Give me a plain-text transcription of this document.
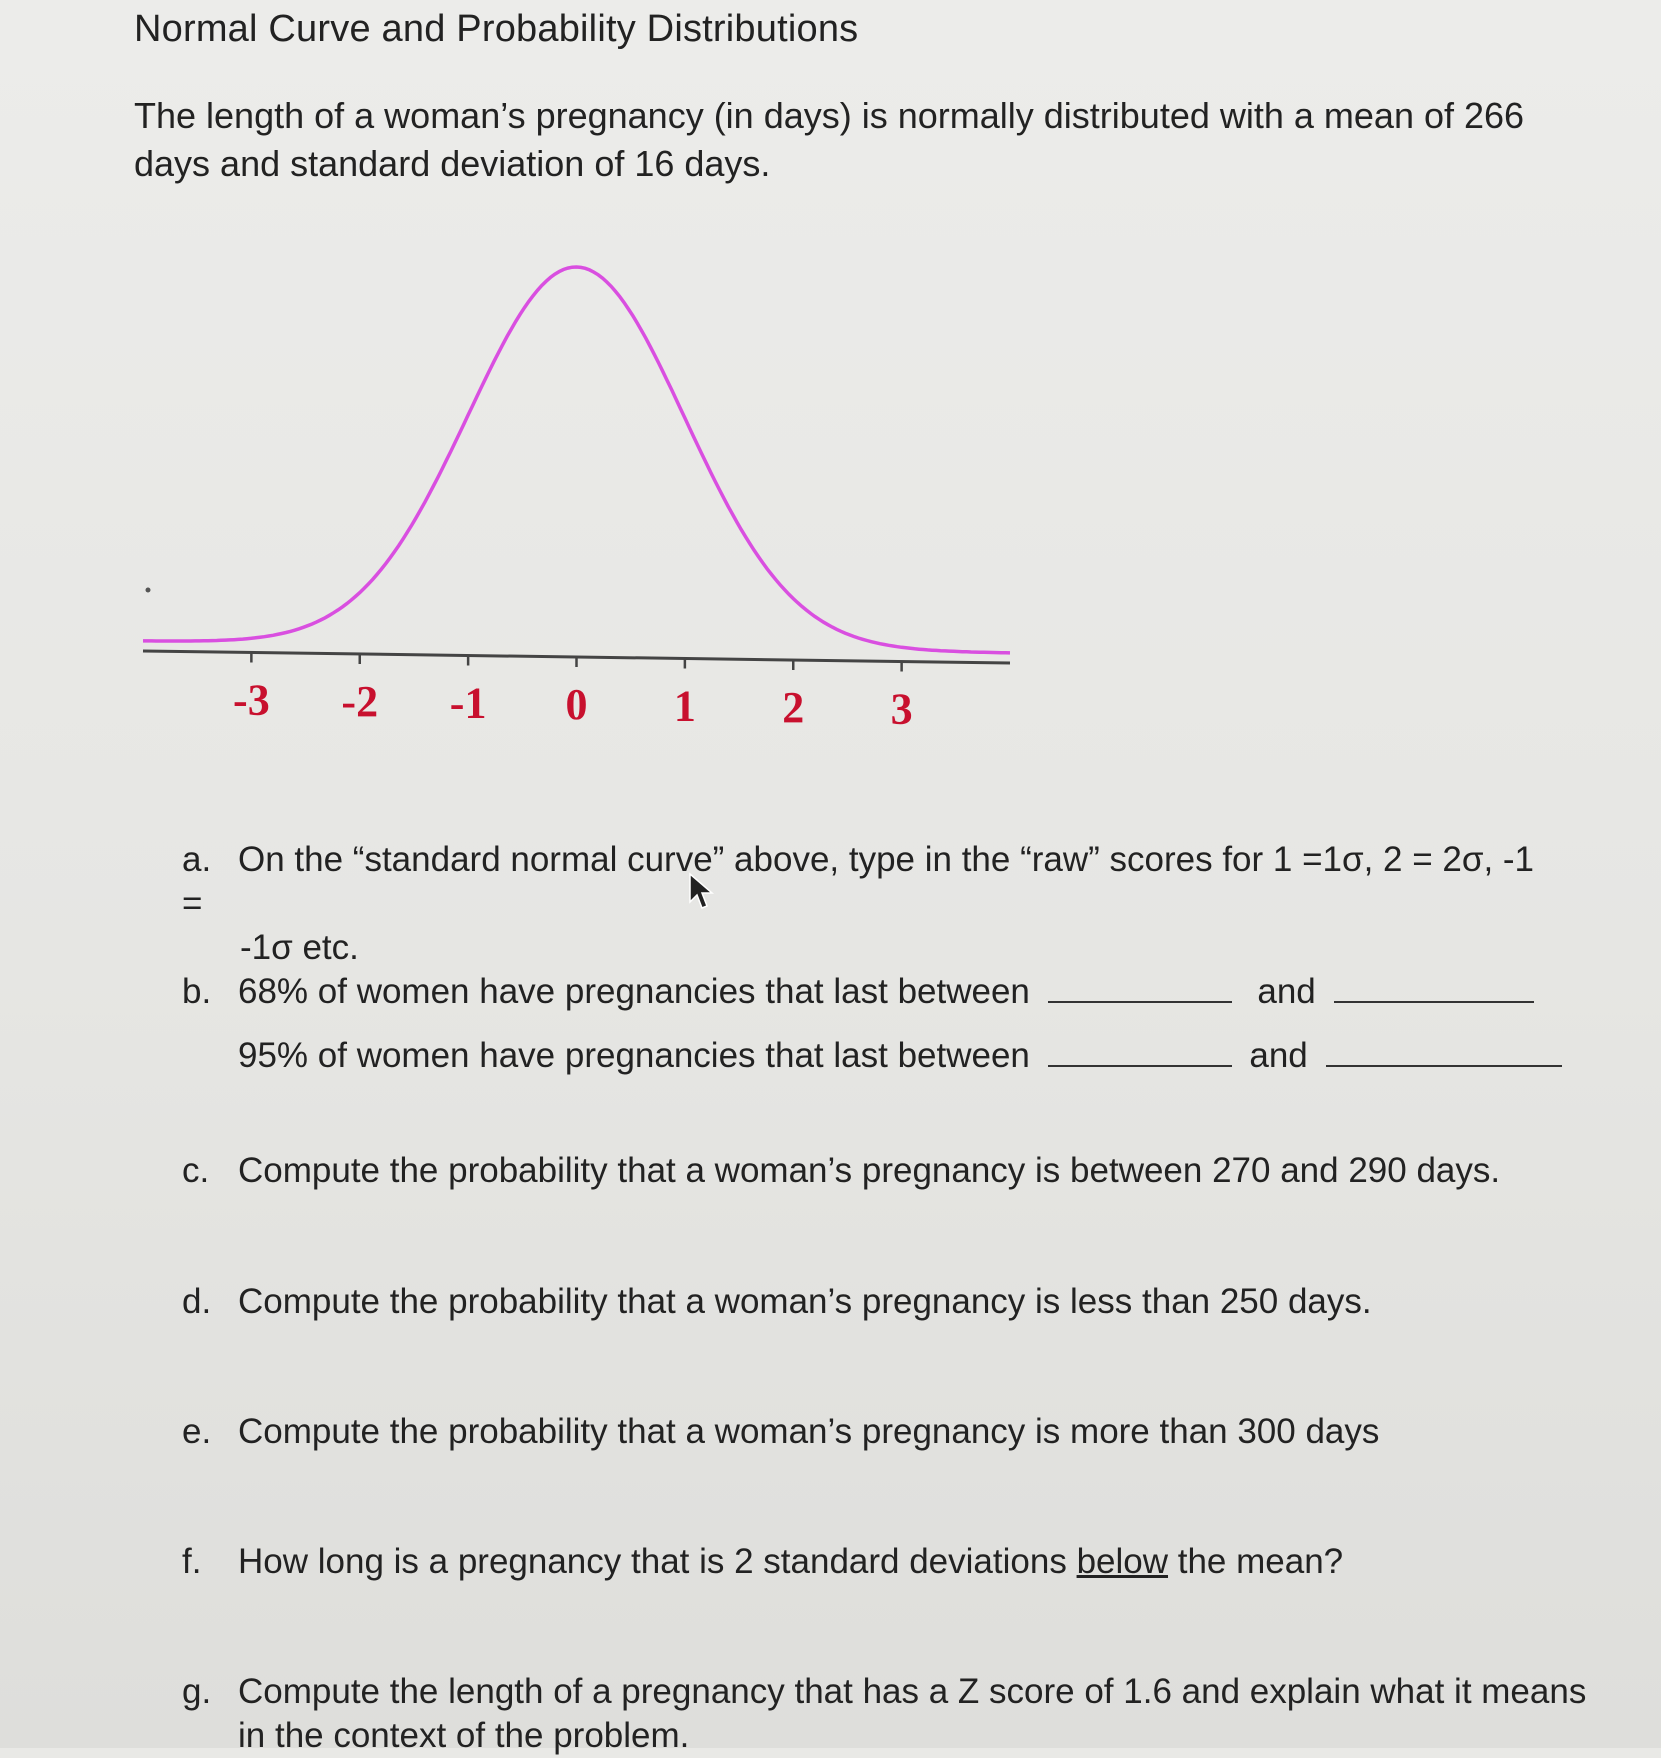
Normal Curve and Probability Distributions
The length of a woman’s pregnancy (in days) is normally distributed with a mean of 266 days and standard deviation of 16 days.
-3 -2 -1 0 1 2 3
a. On the “standard normal curve” above, type in the “raw” scores for 1 =1σ, 2 = 2σ, -1 =
-1σ etc.
b. 68% of women have pregnancies that last between	and
95% of women have pregnancies that last between	and
c. Compute the probability that a woman’s pregnancy is between 270 and 290 days.
d. Compute the probability that a woman’s pregnancy is less than 250 days.
e. Compute the probability that a woman’s pregnancy is more than 300 days
f. How long is a pregnancy that is 2 standard deviations below the mean?
g. Compute the length of a pregnancy that has a Z score of 1.6 and explain what it means
in the context of the problem.
